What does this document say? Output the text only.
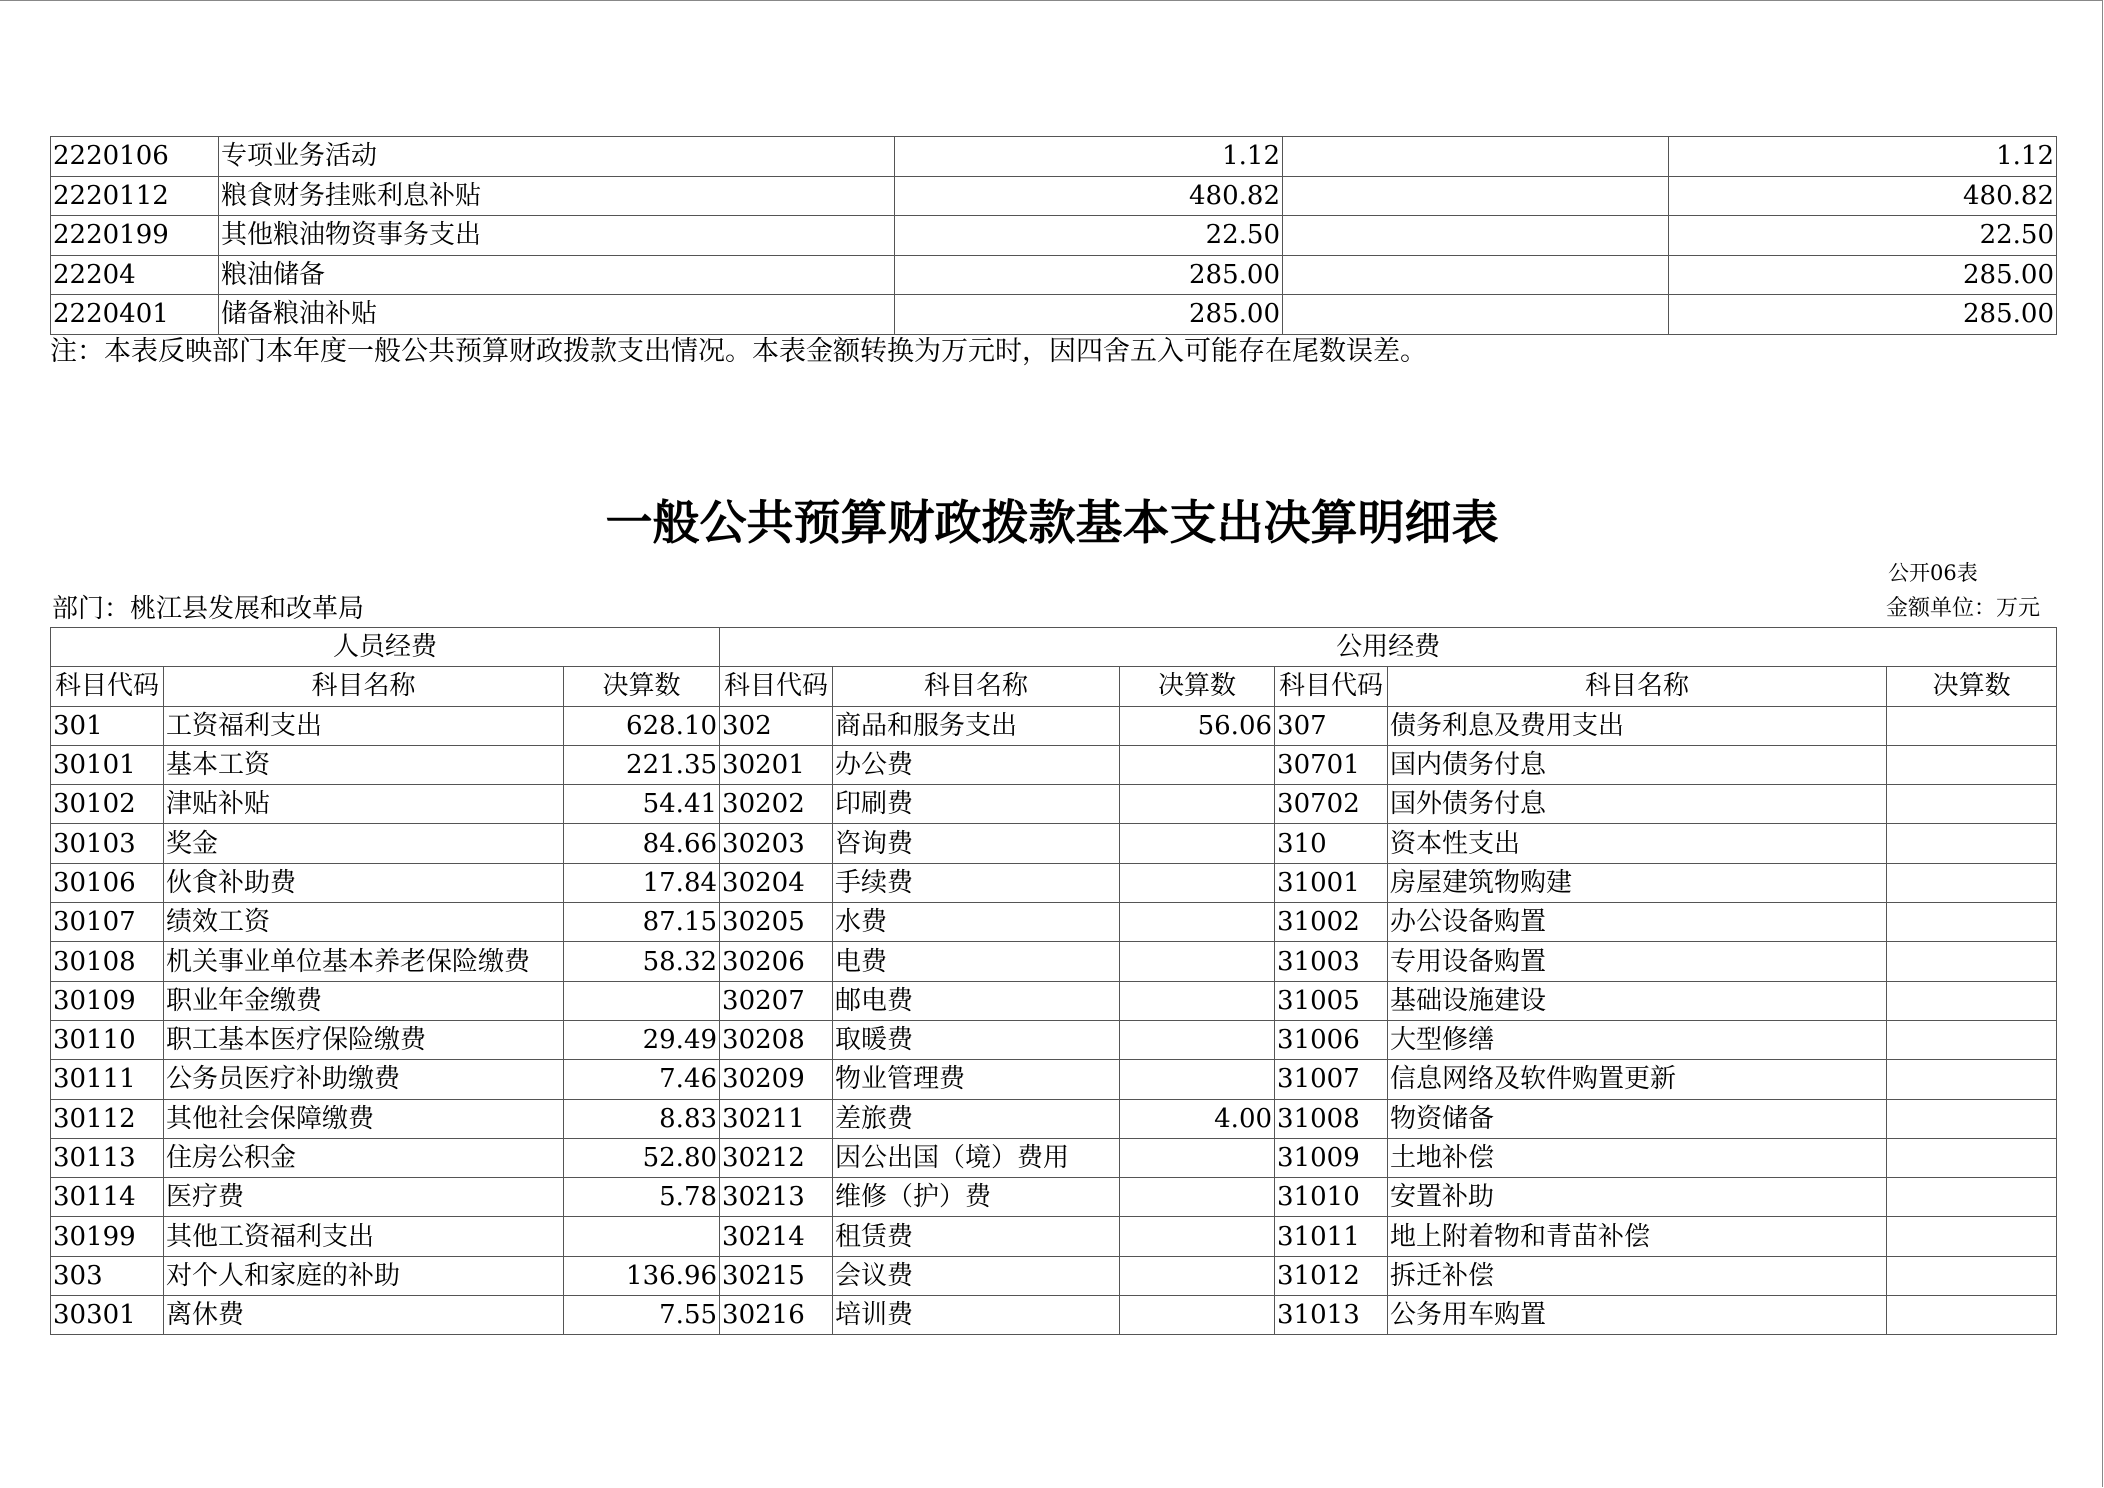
2220106	专项业务活动	1.12		1.12
2220112	粮食财务挂账利息补贴	480.82		480.82
2220199	其他粮油物资事务支出	22.50		22.50
22204	粮油储备	285.00		285.00
2220401	储备粮油补贴	285.00		285.00
注：本表反映部门本年度一般公共预算财政拨款支出情况。本表金额转换为万元时，因四舍五入可能存在尾数误差。
一般公共预算财政拨款基本支出决算明细表
公开06表
部门：桃江县发展和改革局	金额单位：万元
人员经费			公用经费					
科目代码	科目名称	决算数	科目代码	科目名称	决算数	科目代码	科目名称	决算数
301	工资福利支出	628.10	302	商品和服务支出	56.06	307	债务利息及费用支出	
30101	基本工资	221.35	30201	办公费		30701	国内债务付息	
30102	津贴补贴	54.41	30202	印刷费		30702	国外债务付息	
30103	奖金	84.66	30203	咨询费		310	资本性支出	
30106	伙食补助费	17.84	30204	手续费		31001	房屋建筑物购建	
30107	绩效工资	87.15	30205	水费		31002	办公设备购置	
30108	机关事业单位基本养老保险缴费	58.32	30206	电费		31003	专用设备购置	
30109	职业年金缴费		30207	邮电费		31005	基础设施建设	
30110	职工基本医疗保险缴费	29.49	30208	取暖费		31006	大型修缮	
30111	公务员医疗补助缴费	7.46	30209	物业管理费		31007	信息网络及软件购置更新	
30112	其他社会保障缴费	8.83	30211	差旅费	4.00	31008	物资储备	
30113	住房公积金	52.80	30212	因公出国（境）费用		31009	土地补偿	
30114	医疗费	5.78	30213	维修（护）费		31010	安置补助	
30199	其他工资福利支出		30214	租赁费		31011	地上附着物和青苗补偿	
303	对个人和家庭的补助	136.96	30215	会议费		31012	拆迁补偿	
30301	离休费	7.55	30216	培训费		31013	公务用车购置	
